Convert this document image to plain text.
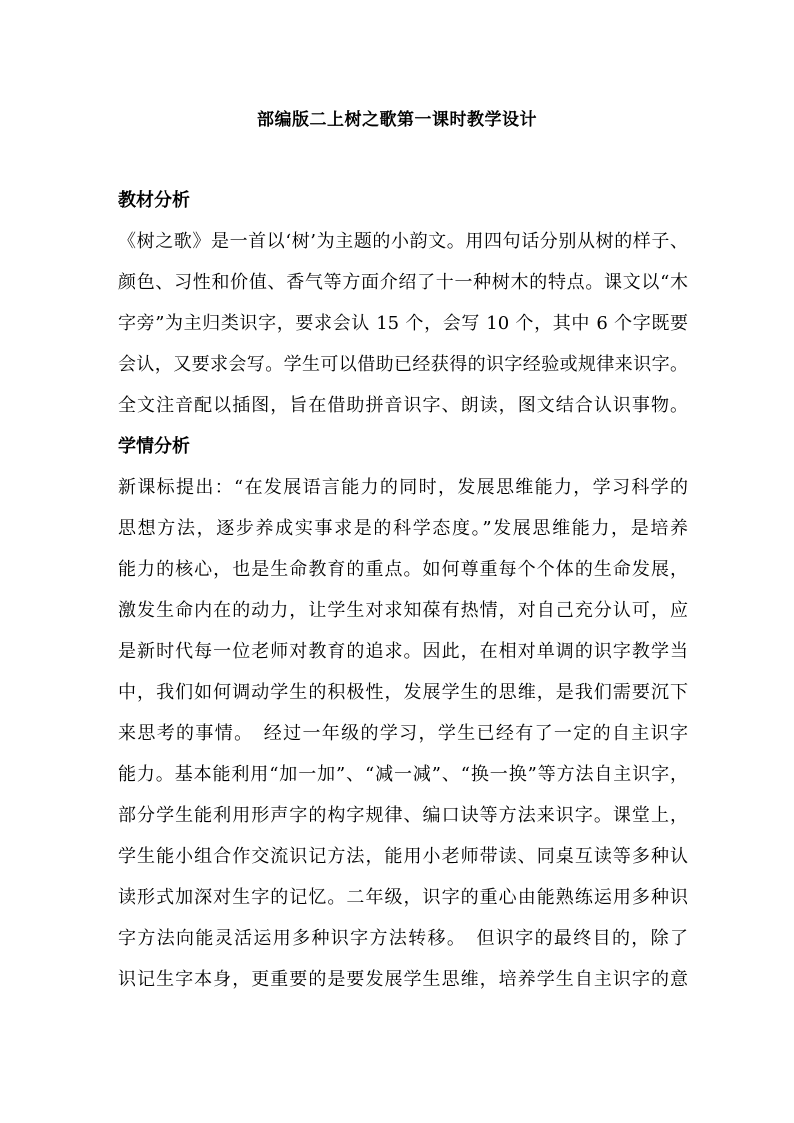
部编版二上树之歌第一课时教学设计
教材分析
《树之歌》是一首以‘树’为主题的小韵文。用四句话分别从树的样子、
颜色、习性和价值、香气等方面介绍了十一种树木的特点。课文以“木
字旁”为主归类识字，要求会认 15 个，会写 10 个，其中 6 个字既要
会认，又要求会写。学生可以借助已经获得的识字经验或规律来识字。
全文注音配以插图，旨在借助拼音识字、朗读，图文结合认识事物。
学情分析
新课标提出：“在发展语言能力的同时，发展思维能力，学习科学的
思想方法，逐步养成实事求是的科学态度。”发展思维能力，是培养
能力的核心，也是生命教育的重点。如何尊重每个个体的生命发展，
激发生命内在的动力，让学生对求知葆有热情，对自己充分认可，应
是新时代每一位老师对教育的追求。因此，在相对单调的识字教学当
中，我们如何调动学生的积极性，发展学生的思维，是我们需要沉下
来思考的事情。　经过一年级的学习，学生已经有了一定的自主识字
能力。基本能利用“加一加”、“减一减”、“换一换”等方法自主识字，
部分学生能利用形声字的构字规律、编口诀等方法来识字。课堂上，
学生能小组合作交流识记方法，能用小老师带读、同桌互读等多种认
读形式加深对生字的记忆。二年级，识字的重心由能熟练运用多种识
字方法向能灵活运用多种识字方法转移。　但识字的最终目的，除了
识记生字本身，更重要的是要发展学生思维，培养学生自主识字的意
